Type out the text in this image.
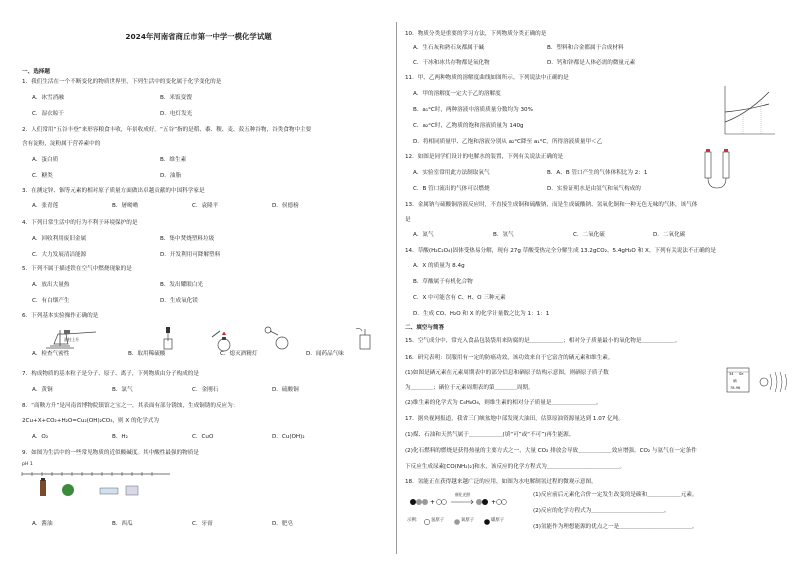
2024年河南省商丘市第一中学一模化学试题
一、选择题
1．我们生活在一个不断变化的物质世界里，下列生活中的变化属于化学变化的是
A．冰雪消融	B．米饭变馊
C．湿衣晾干	D．电灯发光
2．人们常用“五谷丰登”来形容粮食丰收，年景收成好。“五谷”指的是稻、黍、稷、麦、菽五种谷物，谷类食物中主要
含有淀粉，淀粉属于营养素中的
A．蛋白质	B．维生素
C．糖类	D．油脂
3．在测定锌、铟等元素的相对原子质量方面做出卓越贡献的中国科学家是
A．张青莲	B．屠呦呦	C．袁隆平	D．侯德榜
4．下列日常生活中的行为不利于环境保护的是
A．回收利用废旧金属	B．集中焚烧塑料垃圾
C．大力发展清洁能源	D．开发利用可降解塑料
5．下列不属于描述铁在空气中燃烧现象的是
A．放出大量热	B．发出耀眼白光
C．有白烟产生	D．生成氧化镁
6．下列基本实验操作正确的是
液柱上升
A．检查气密性	B．取用稀硫酸	C．熄灭酒精灯	D．闻药品气味
7．构成物质的基本粒子是分子、原子、离子，下列物质由分子构成的是
A．黄铜	B．氯气	C．金刚石	D．硫酸铜
8．“商鞅方升”是河南省博物院镇馆之宝之一，其表面有部分锈蚀，生成铜锈的反应为：
2Cu+X+CO₂+H₂O=Cu₂(OH)₂CO₃，则 X 的化学式为
A．O₂	B．H₂	C．CuO	D．Cu(OH)₂
9．如图为生活中的一些常见物质的近似酸碱度。其中酸性最强的物质是
pH 1
A．酱油	B．西瓜	C．牙膏	D．肥皂
10．物质分类是重要的学习方法，下列物质分类正确的是
A．生石灰和熟石灰都属于碱	B．塑料和合金都属于合成材料
C．干冰和冰共存物都是氧化物	D．钙和锌都是人体必需的微量元素
11．甲、乙两种物质的溶解度曲线如图所示。下列说法中正确的是
A．甲的溶解度一定大于乙的溶解度
B．a₁°C时，两种溶液中溶质质量分数均为 30%
C．a₂°C时，乙物质的饱和溶液质量为 140g
D．将相同质量甲、乙饱和溶液分别从 a₂°C降至 a₁°C，所得溶液质量甲＜乙
12．如图是同学们设计的电解水的装置，下列有关说法正确的是
A．实验室常用此方法制取氧气	B．A、B 管口产生的气体体积比为 2：1
C．B 管口流出的气体可以燃烧	D．实验证明水是由氢气和氧气构成的
13．金属钠与硫酸铜溶液反应时，不直接生成铜和硫酸钠，而是生成硫酸钠、氢氧化铜和一种无色无味的气体，该气体
是
A．氮气	B．氢气	C．二氧化硫	D．二氧化碳
14．草酸(H₂C₂O₄)固体受热易分解，现有 27g 草酸受热完全分解生成 13.2gCO₂、5.4gH₂O 和 X。下列有关说法不正确的是
A．X 的质量为 8.4g
B．草酸属于有机化合物
C．X 中可能含有 C、H、O 三种元素
D．生成 CO、H₂O 和 X 的化学计量数之比为 1：1：1
二、填空与简答
15．空气成分中，常充入食品包装袋用来防腐的是＿＿＿＿＿＿；相对分子质量最小的氧化物是＿＿＿＿＿＿。
16．研究表明：误服用有一定的防癌功效，该功效来自于它富含的硒元素和维生素。
(1)如图是硒元素在元素周期表中的部分信息和硒原子结构示意图，则硒原子质子数
为＿＿＿＿；硒位于元素周期表的第＿＿＿＿周期。
(2)维生素的化学式为 C₆H₈O₆，则维生素的相对分子质量是＿＿＿＿＿＿＿＿。
34 Se
硒
78.96
17．据央视网报道，我省三门峡盆地中部发现大油田，估算原油资源量达到 1.07 亿吨。
(1)煤、石油和天然气属于＿＿＿＿＿＿(填“可”或“不可”)再生能源。
(2)化石燃料的燃烧是获得热量的主要方式之一，大量 CO₂ 排放会导致＿＿＿＿＿＿效应增强。CO₂ 与氨气在一定条件
下反应生成尿素[CO(NH₂)₂]和水，该反应的化学方程式为＿＿＿＿＿＿＿＿＿＿＿＿＿。
18．氢能正在获得越来越广泛的应用，如图为水电解制氢过程的微观示意图。
+	+
催化光照
示例： 氢原子	氧原子	碳原子
(1)反应前后元素化合价一定发生改变的是碳和＿＿＿＿＿＿元素。
(2)反应的化学方程式为＿＿＿＿＿＿＿＿＿＿＿＿＿。
(3)氢能作为理想能源的优点之一是＿＿＿＿＿＿＿＿＿＿＿＿＿。
